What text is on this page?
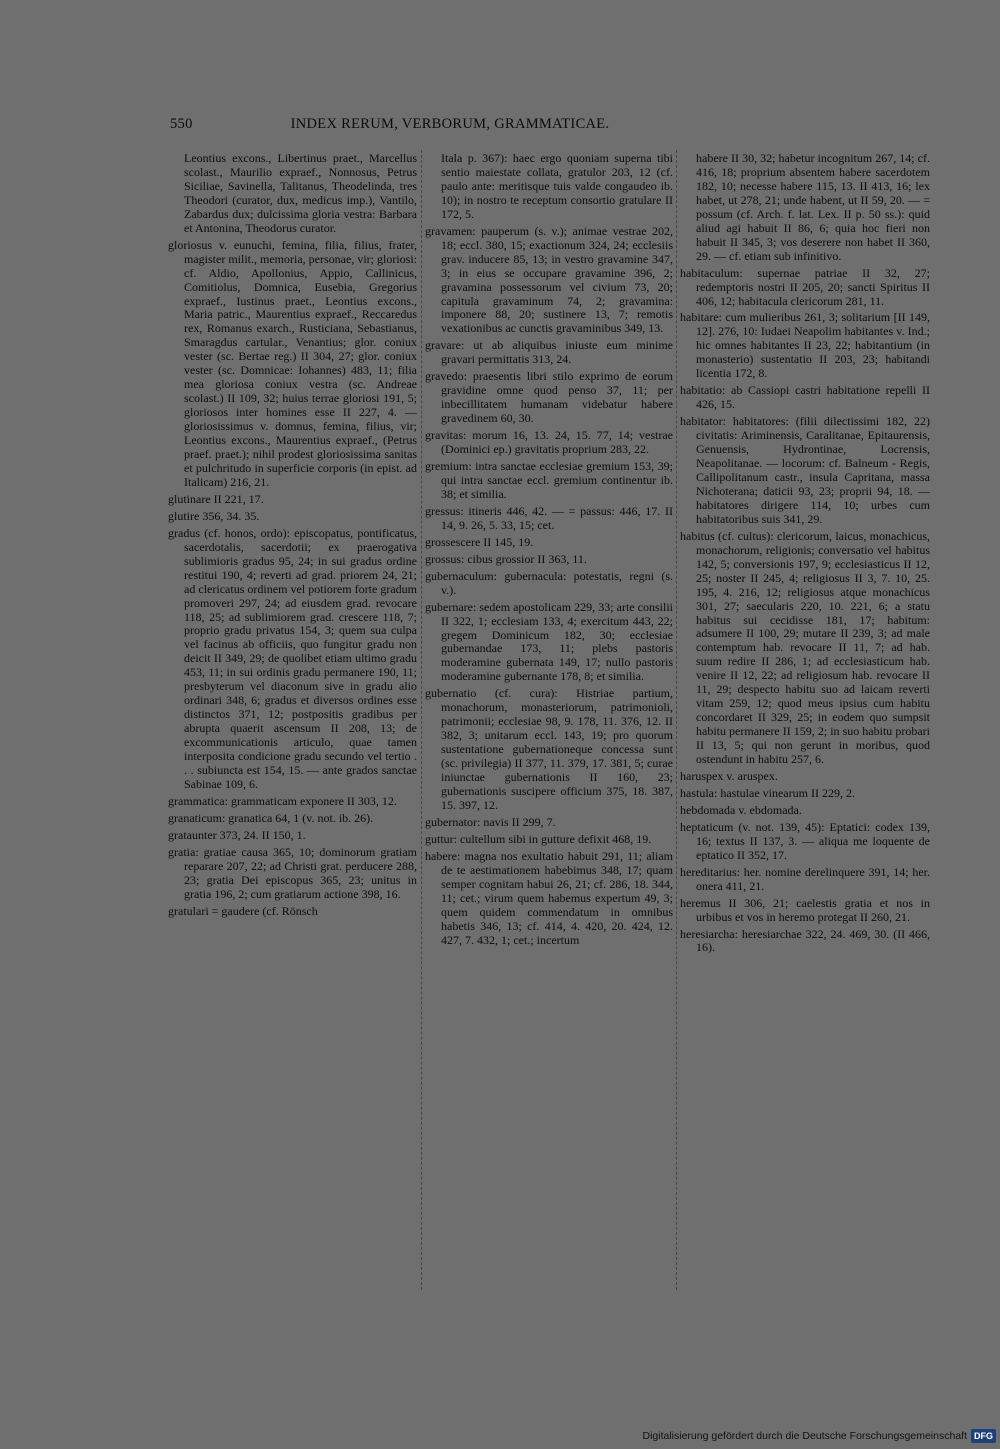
550	INDEX RERUM, VERBORUM, GRAMMATICAE.

Leontius excons., Libertinus praet., Marcellus scolast., Maurilio expraef., Nonnosus, Petrus Siciliae, Savinella, Talitanus, Theodelinda, tres Theodori (curator, dux, medicus imp.), Vantilo, Zabardus dux; dulcissima gloria vestra: Barbara et Antonina, Theodorus curator.

gloriosus v. eunuchi, femina, filia, filius, frater, magister milit., memoria, personae, vir; gloriosi: cf. Aldio, Apollonius, Appio, Callinicus, Comitiolus, Domnica, Eusebia, Gregorius expraef., Iustinus praet., Leontius excons., Maria patric., Maurentius expraef., Reccaredus rex, Romanus exarch., Rusticiana, Sebastianus, Smaragdus cartular., Venantius; glor. coniux vester (sc. Bertae reg.) II 304, 27; glor. coniux vester (sc. Domnicae: Iohannes) 483, 11; filia mea gloriosa coniux vestra (sc. Andreae scolast.) II 109, 32; huius terrae gloriosi 191, 5; gloriosos inter homines esse II 227, 4. — gloriosissimus v. domnus, femina, filius, vir; Leontius excons., Maurentius expraef., (Petrus praef. praet.); nihil prodest gloriosissima sanitas et pulchritudo in superficie corporis (in epist. ad Italicam) 216, 21.

glutinare II 221, 17.

glutire 356, 34. 35.

gradus (cf. honos, ordo): episcopatus, pontificatus, sacerdotalis, sacerdotii; ex praerogativa sublimioris gradus 95, 24; in sui gradus ordine restitui 190, 4; reverti ad grad. priorem 24, 21; ad clericatus ordinem vel potiorem forte gradum promoveri 297, 24; ad eiusdem grad. revocare 118, 25; ad sublimiorem grad. crescere 118, 7; proprio gradu privatus 154, 3; quem sua culpa vel facinus ab officiis, quo fungitur gradu non deicit II 349, 29; de quolibet etiam ultimo gradu 453, 11; in sui ordinis gradu permanere 190, 11; presbyterum vel diaconum sive in gradu alio ordinari 348, 6; gradus et diversos ordines esse distinctos 371, 12; postpositis gradibus per abrupta quaerit ascensum II 208, 13; de excommunicationis articulo, quae tamen interposita condicione gradu secundo vel tertio . . . subiuncta est 154, 15. — ante grados sanctae Sabinae 109, 6.

grammatica: grammaticam exponere II 303, 12.

granaticum: granatica 64, 1 (v. not. ib. 26).

grataunter 373, 24. II 150, 1.

gratia: gratiae causa 365, 10; dominorum gratiam reparare 207, 22; ad Christi grat. perducere 288, 23; gratia Dei episcopus 365, 23; unitus in gratia 196, 2; cum gratiarum actione 398, 16.

gratulari = gaudere (cf. Rönsch

Itala p. 367): haec ergo quoniam superna tibi sentio maiestate collata, gratulor 203, 12 (cf. paulo ante: meritisque tuis valde congaudeo ib. 10); in nostro te receptum consortio gratulare II 172, 5.

gravamen: pauperum (s. v.); animae vestrae 202, 18; eccl. 380, 15; exactionum 324, 24; ecclesiis grav. inducere 85, 13; in vestro gravamine 347, 3; in eius se occupare gravamine 396, 2; gravamina possessorum vel civium 73, 20; capitula gravaminum 74, 2; gravamina: imponere 88, 20; sustinere 13, 7; remotis vexationibus ac cunctis gravaminibus 349, 13.

gravare: ut ab aliquibus iniuste eum minime gravari permittatis 313, 24.

gravedo: praesentis libri stilo exprimo de eorum gravidine omne quod penso 37, 11; per inbecillitatem humanam videbatur habere gravedinem 60, 30.

gravitas: morum 16, 13. 24, 15. 77, 14; vestrae (Dominici ep.) gravitatis proprium 283, 22.

gremium: intra sanctae ecclesiae gremium 153, 39; qui intra sanctae eccl. gremium continentur ib. 38; et similia.

gressus: itineris 446, 42. — = passus: 446, 17. II 14, 9. 26, 5. 33, 15; cet.

grossescere II 145, 19.

grossus: cibus grossior II 363, 11.

gubernaculum: gubernacula: potestatis, regni (s. v.).

gubernare: sedem apostolicam 229, 33; arte consilii II 322, 1; ecclesiam 133, 4; exercitum 443, 22; gregem Dominicum 182, 30; ecclesiae gubernandae 173, 11; plebs pastoris moderamine gubernata 149, 17; nullo pastoris moderamine gubernante 178, 8; et similia.

gubernatio (cf. cura): Histriae partium, monachorum, monasteriorum, patrimonioli, patrimonii; ecclesiae 98, 9. 178, 11. 376, 12. II 382, 3; unitarum eccl. 143, 19; pro quorum sustentatione gubernationeque concessa sunt (sc. privilegia) II 377, 11. 379, 17. 381, 5; curae iniunctae gubernationis II 160, 23; gubernationis suscipere officium 375, 18. 387, 15. 397, 12.

gubernator: navis II 299, 7.

guttur: cultellum sibi in gutture defixit 468, 19.

habere: magna nos exultatio habuit 291, 11; aliam de te aestimationem habebimus 348, 17; quam semper cognitam habui 26, 21; cf. 286, 18. 344, 11; cet.; virum quem habemus expertum 49, 3; quem quidem commendatum in omnibus habetis 346, 13; cf. 414, 4. 420, 20. 424, 12. 427, 7. 432, 1; cet.; incertum

habere II 30, 32; habetur incognitum 267, 14; cf. 416, 18; proprium absentem habere sacerdotem 182, 10; necesse habere 115, 13. II 413, 16; lex habet, ut 278, 21; unde habent, ut II 59, 20. — = possum (cf. Arch. f. lat. Lex. II p. 50 ss.): quid aliud agi habuit II 86, 6; quia hoc fieri non habuit II 345, 3; vos deserere non habet II 360, 29. — cf. etiam sub infinitivo.

habitaculum: supernae patriae II 32, 27; redemptoris nostri II 205, 20; sancti Spiritus II 406, 12; habitacula clericorum 281, 11.

habitare: cum mulieribus 261, 3; solitarium [II 149, 12]. 276, 10: Iudaei Neapolim habitantes v. Ind.; hic omnes habitantes II 23, 22; habitantium (in monasterio) sustentatio II 203, 23; habitandi licentia 172, 8.

habitatio: ab Cassiopi castri habitatione repelli II 426, 15.

habitator: habitatores: (filii dilectissimi 182, 22) civitatis: Ariminensis, Caralitanae, Epitaurensis, Genuensis, Hydrontinae, Locrensis, Neapolitanae. — locorum: cf. Balneum - Regis, Callipolitanum castr., insula Capritana, massa Nichoterana; daticii 93, 23; proprii 94, 18. — habitatores dirigere 114, 10; urbes cum habitatoribus suis 341, 29.

habitus (cf. cultus): clericorum, laicus, monachicus, monachorum, religionis; conversatio vel habitus 142, 5; conversionis 197, 9; ecclesiasticus II 12, 25; noster II 245, 4; religiosus II 3, 7. 10, 25. 195, 4. 216, 12; religiosus atque monachicus 301, 27; saecularis 220, 10. 221, 6; a statu habitus sui cecidisse 181, 17; habitum: adsumere II 100, 29; mutare II 239, 3; ad male contemptum hab. revocare II 11, 7; ad hab. suum redire II 286, 1; ad ecclesiasticum hab. venire II 12, 22; ad religiosum hab. revocare II 11, 29; despecto habitu suo ad laicam reverti vitam 259, 12; quod meus ipsius cum habitu concordaret II 329, 25; in eodem quo sumpsit habitu permanere II 159, 2; in suo habitu probari II 13, 5; qui non gerunt in moribus, quod ostendunt in habitu 257, 6.

haruspex v. aruspex.

hastula: hastulae vinearum II 229, 2.

hebdomada v. ebdomada.

heptaticum (v. not. 139, 45): Eptatici: codex 139, 16; textus II 137, 3. — aliqua me loquente de eptatico II 352, 17.

hereditarius: her. nomine derelinquere 391, 14; her. onera 411, 21.

heremus II 306, 21; caelestis gratia et nos in urbibus et vos in heremo protegat II 260, 21.

heresiarcha: heresiarchae 322, 24. 469, 30. (II 466, 16).

Digitalisierung gefördert durch die Deutsche Forschungsgemeinschaft DFG
